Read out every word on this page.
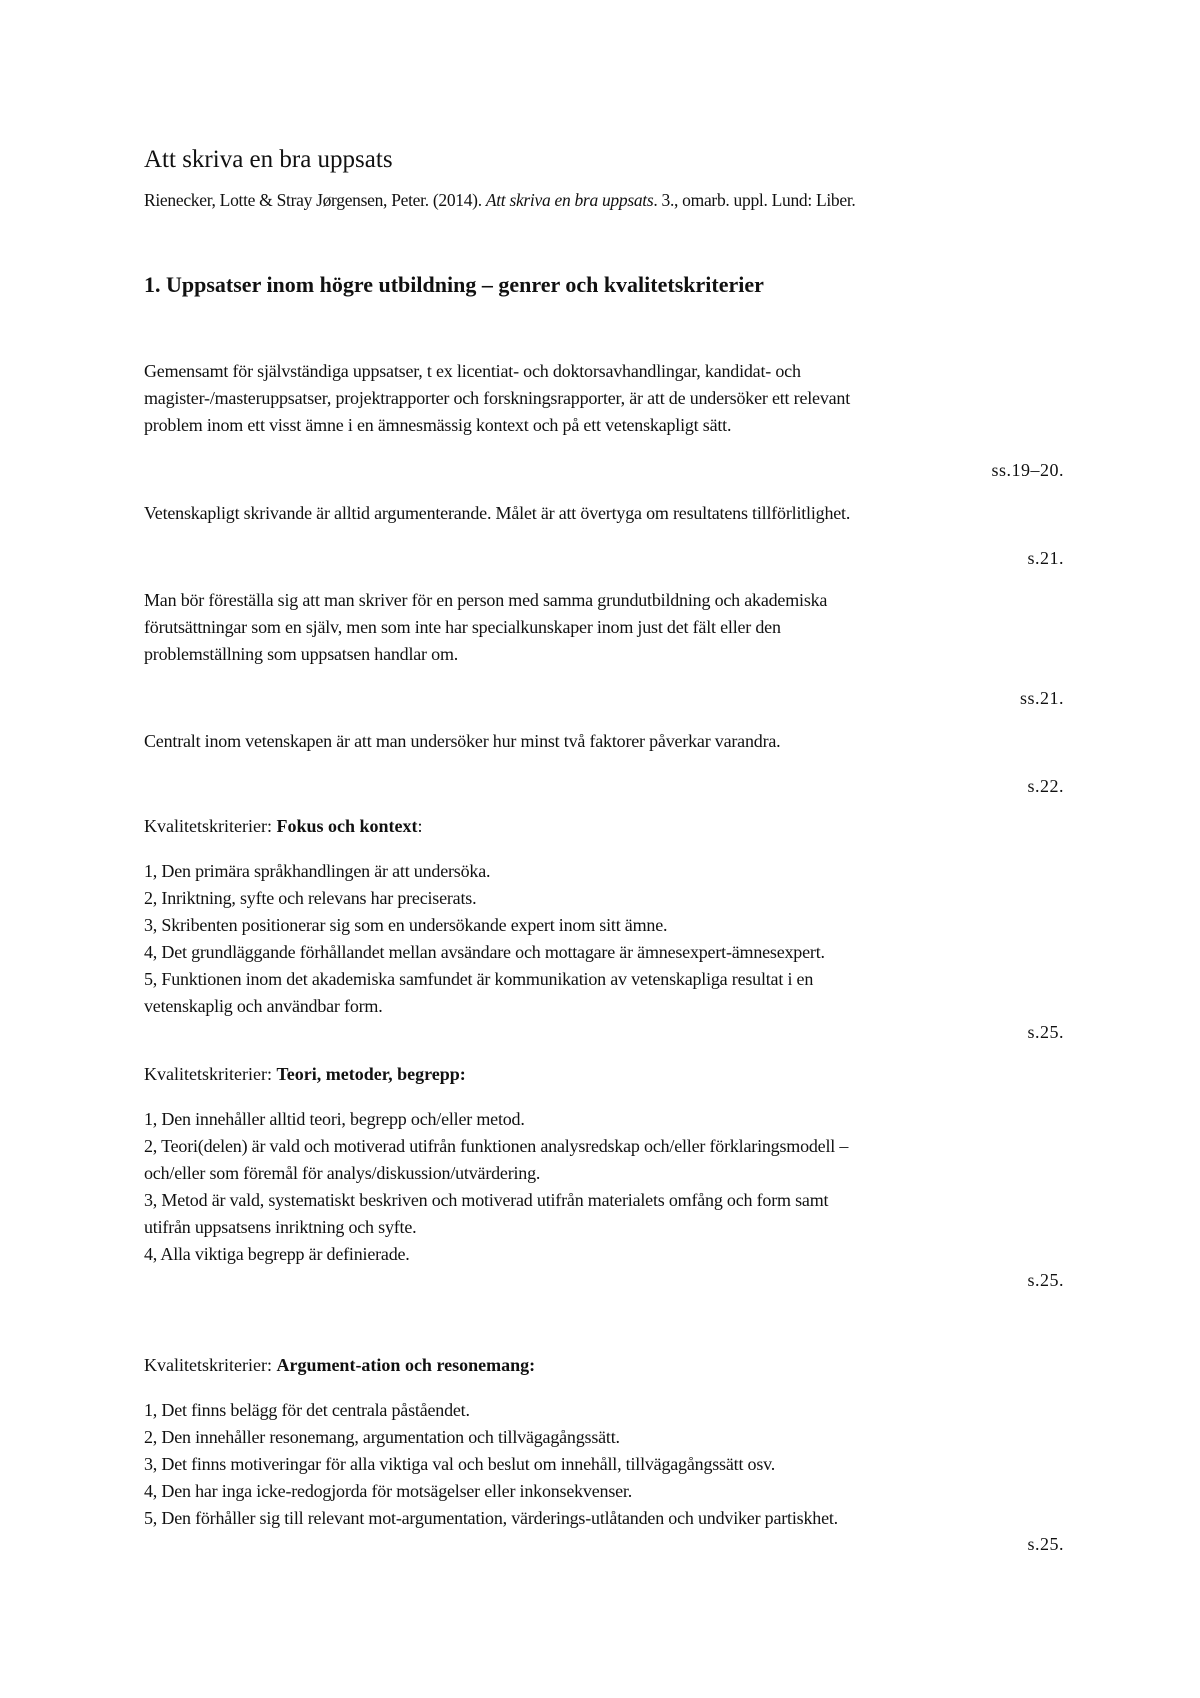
Att skriva en bra uppsats
Rienecker, Lotte & Stray Jørgensen, Peter. (2014). Att skriva en bra uppsats. 3., omarb. uppl. Lund: Liber.
1. Uppsatser inom högre utbildning – genrer och kvalitetskriterier
Gemensamt för självständiga uppsatser, t ex licentiat- och doktorsavhandlingar, kandidat- och
magister-/masteruppsatser, projektrapporter och forskningsrapporter, är att de undersöker ett relevant
problem inom ett visst ämne i en ämnesmässig kontext och på ett vetenskapligt sätt.
ss.19–20.
Vetenskapligt skrivande är alltid argumenterande. Målet är att övertyga om resultatens tillförlitlighet.
s.21.
Man bör föreställa sig att man skriver för en person med samma grundutbildning och akademiska
förutsättningar som en själv, men som inte har specialkunskaper inom just det fält eller den
problemställning som uppsatsen handlar om.
ss.21.
Centralt inom vetenskapen är att man undersöker hur minst två faktorer påverkar varandra.
s.22.
Kvalitetskriterier: Fokus och kontext:
1, Den primära språkhandlingen är att undersöka.
2, Inriktning, syfte och relevans har preciserats.
3, Skribenten positionerar sig som en undersökande expert inom sitt ämne.
4, Det grundläggande förhållandet mellan avsändare och mottagare är ämnesexpert-ämnesexpert.
5, Funktionen inom det akademiska samfundet är kommunikation av vetenskapliga resultat i en
vetenskaplig och användbar form.
s.25.
Kvalitetskriterier: Teori, metoder, begrepp:
1, Den innehåller alltid teori, begrepp och/eller metod.
2, Teori(delen) är vald och motiverad utifrån funktionen analysredskap och/eller förklaringsmodell –
och/eller som föremål för analys/diskussion/utvärdering.
3, Metod är vald, systematiskt beskriven och motiverad utifrån materialets omfång och form samt
utifrån uppsatsens inriktning och syfte.
4, Alla viktiga begrepp är definierade.
s.25.
Kvalitetskriterier: Argument-ation och resonemang:
1, Det finns belägg för det centrala påståendet.
2, Den innehåller resonemang, argumentation och tillvägagångssätt.
3, Det finns motiveringar för alla viktiga val och beslut om innehåll, tillvägagångssätt osv.
4, Den har inga icke-redogjorda för motsägelser eller inkonsekvenser.
5, Den förhåller sig till relevant mot-argumentation, värderings-utlåtanden och undviker partiskhet.
s.25.
